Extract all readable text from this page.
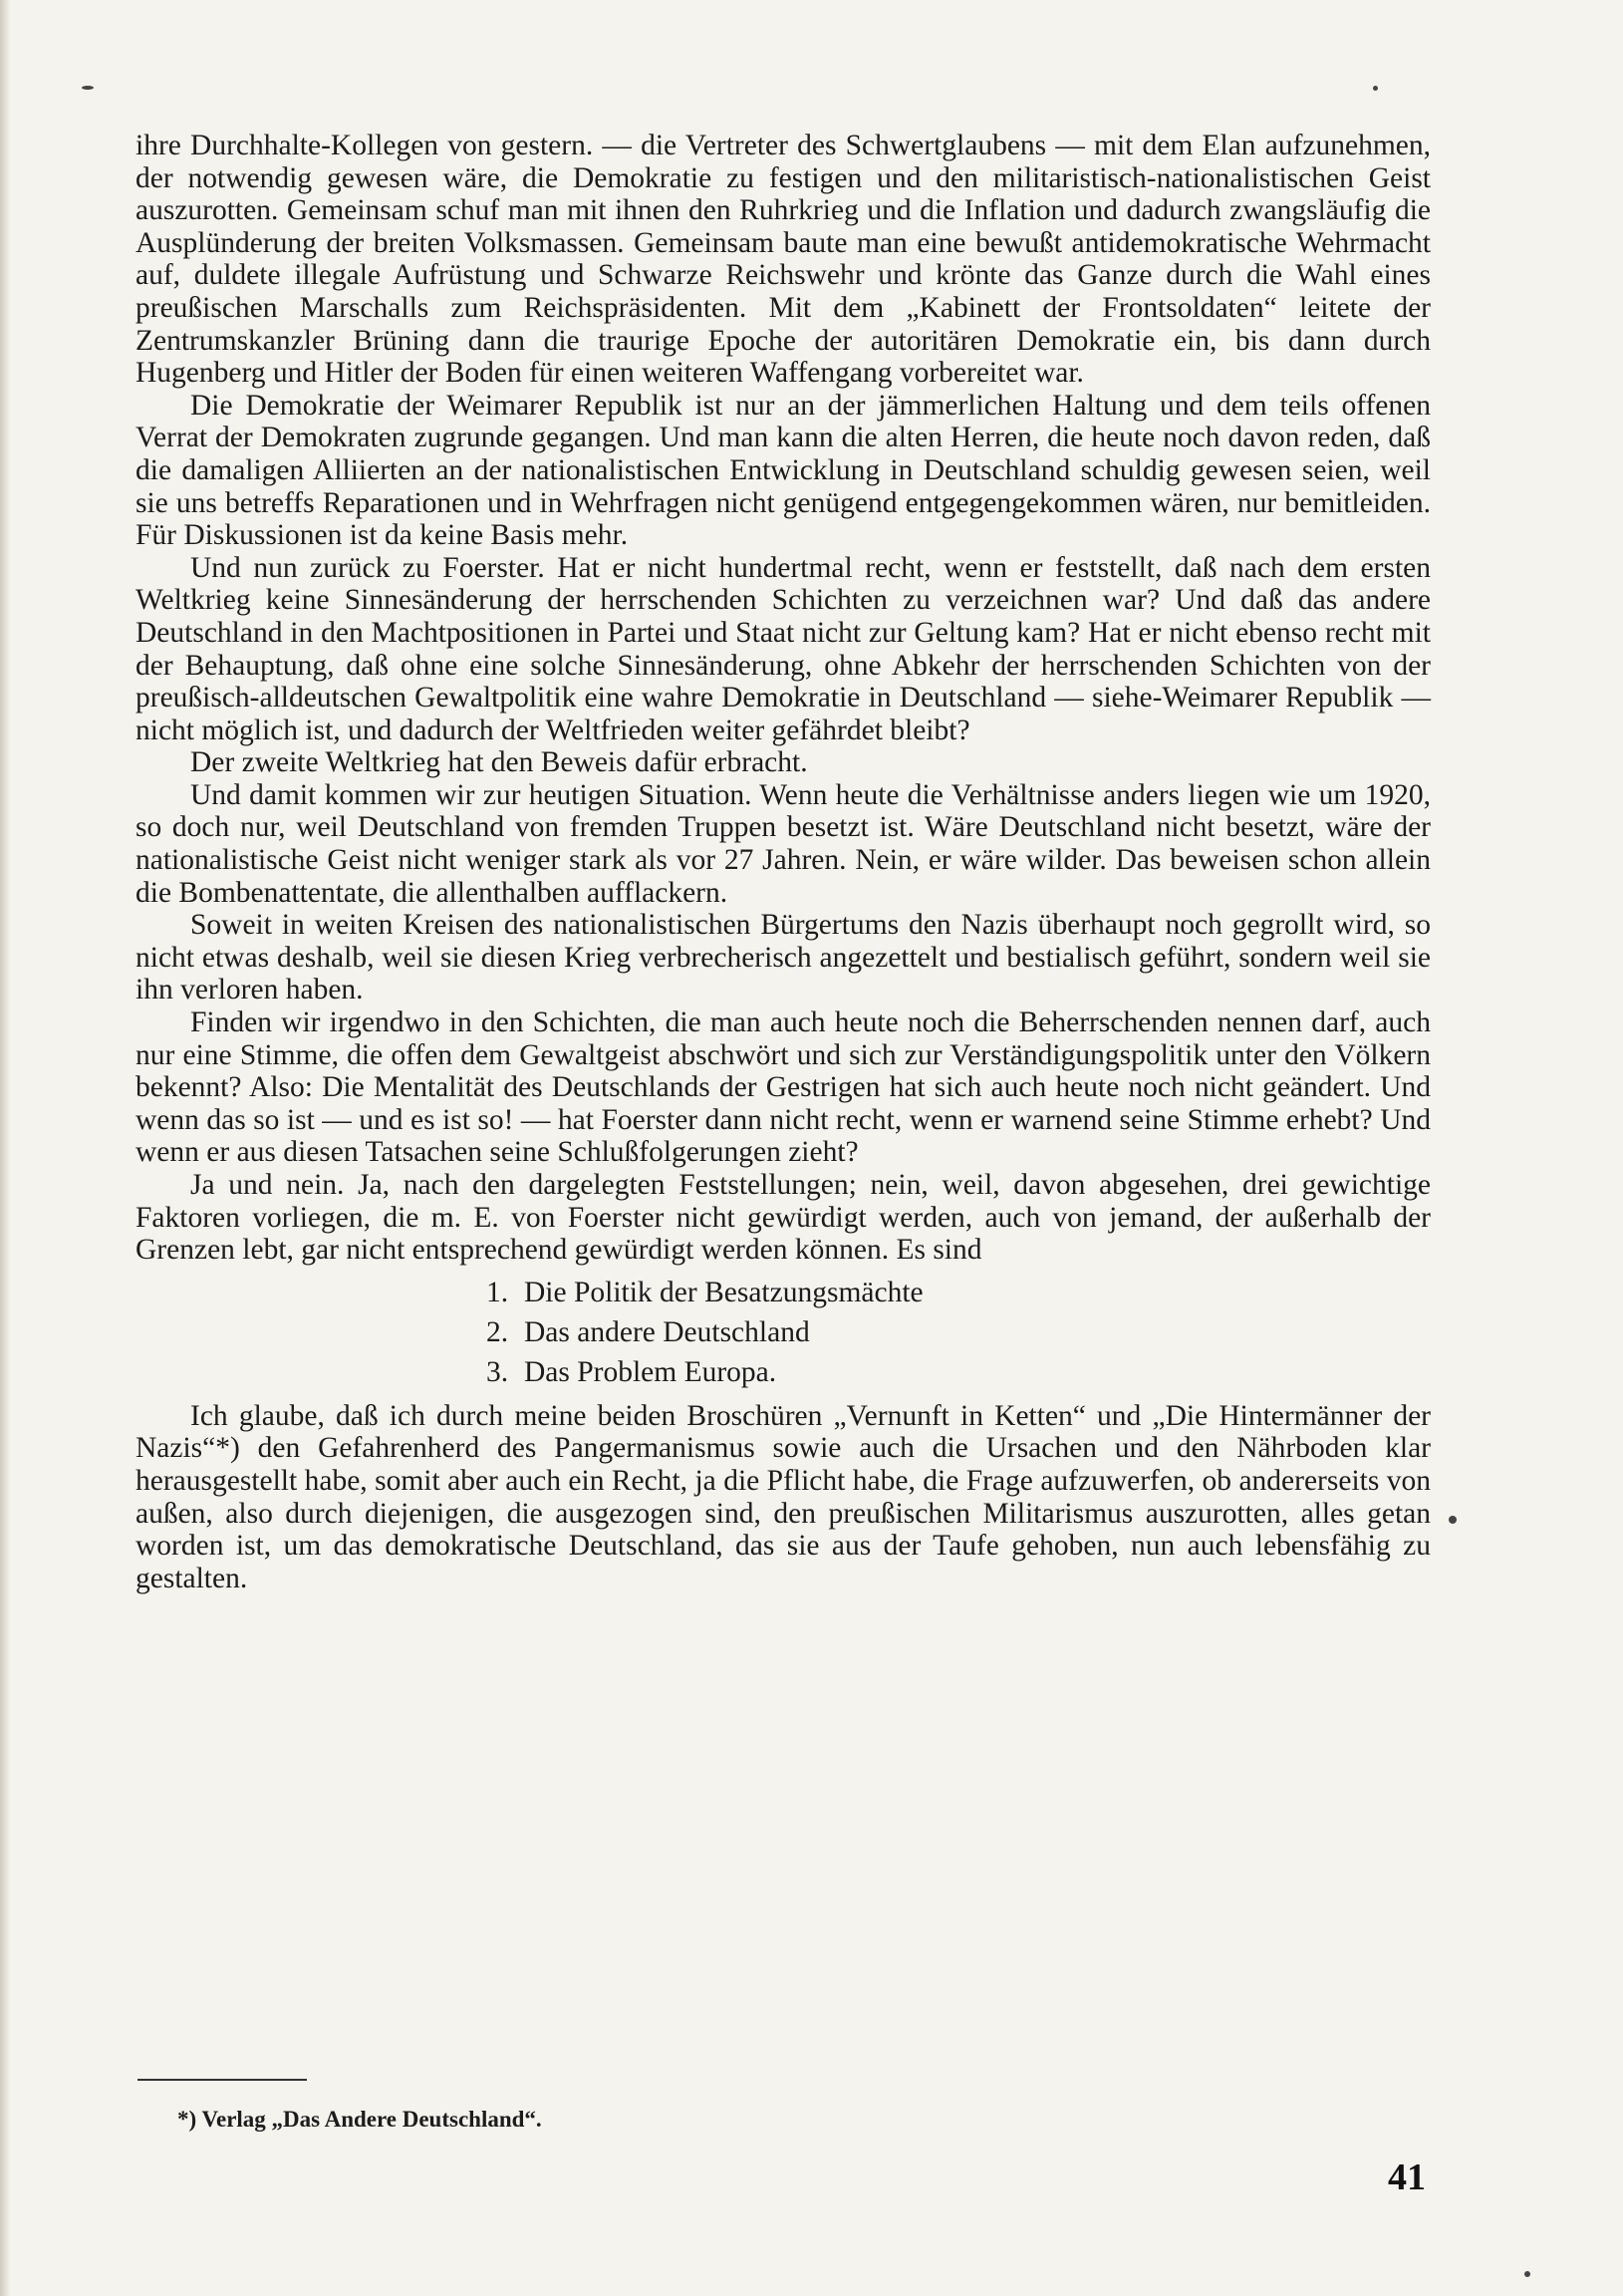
ihre Durchhalte-Kollegen von gestern. — die Vertreter des Schwertglaubens — mit dem Elan aufzunehmen, der notwendig gewesen wäre, die Demokratie zu festigen und den militaristisch-nationalistischen Geist auszurotten. Gemeinsam schuf man mit ihnen den Ruhrkrieg und die Inflation und dadurch zwangsläufig die Ausplünderung der breiten Volksmassen. Gemeinsam baute man eine bewußt antidemokratische Wehrmacht auf, duldete illegale Aufrüstung und Schwarze Reichswehr und krönte das Ganze durch die Wahl eines preußischen Marschalls zum Reichspräsidenten. Mit dem „Kabinett der Frontsoldaten“ leitete der Zentrumskanzler Brüning dann die traurige Epoche der autoritären Demokratie ein, bis dann durch Hugenberg und Hitler der Boden für einen weiteren Waffengang vorbereitet war.

Die Demokratie der Weimarer Republik ist nur an der jämmerlichen Haltung und dem teils offenen Verrat der Demokraten zugrunde gegangen. Und man kann die alten Herren, die heute noch davon reden, daß die damaligen Alliierten an der nationalistischen Entwicklung in Deutschland schuldig gewesen seien, weil sie uns betreffs Reparationen und in Wehrfragen nicht genügend entgegengekommen wären, nur bemitleiden. Für Diskussionen ist da keine Basis mehr.

Und nun zurück zu Foerster. Hat er nicht hundertmal recht, wenn er feststellt, daß nach dem ersten Weltkrieg keine Sinnesänderung der herrschenden Schichten zu verzeichnen war? Und daß das andere Deutschland in den Machtpositionen in Partei und Staat nicht zur Geltung kam? Hat er nicht ebenso recht mit der Behauptung, daß ohne eine solche Sinnesänderung, ohne Abkehr der herrschenden Schichten von der preußisch-alldeutschen Gewaltpolitik eine wahre Demokratie in Deutschland — siehe-Weimarer Republik — nicht möglich ist, und dadurch der Weltfrieden weiter gefährdet bleibt?

Der zweite Weltkrieg hat den Beweis dafür erbracht.

Und damit kommen wir zur heutigen Situation. Wenn heute die Verhältnisse anders liegen wie um 1920, so doch nur, weil Deutschland von fremden Truppen besetzt ist. Wäre Deutschland nicht besetzt, wäre der nationalistische Geist nicht weniger stark als vor 27 Jahren. Nein, er wäre wilder. Das beweisen schon allein die Bombenattentate, die allenthalben aufflackern.

Soweit in weiten Kreisen des nationalistischen Bürgertums den Nazis überhaupt noch gegrollt wird, so nicht etwas deshalb, weil sie diesen Krieg verbrecherisch angezettelt und bestialisch geführt, sondern weil sie ihn verloren haben.

Finden wir irgendwo in den Schichten, die man auch heute noch die Beherrschenden nennen darf, auch nur eine Stimme, die offen dem Gewaltgeist abschwört und sich zur Verständigungspolitik unter den Völkern bekennt? Also: Die Mentalität des Deutschlands der Gestrigen hat sich auch heute noch nicht geändert. Und wenn das so ist — und es ist so! — hat Foerster dann nicht recht, wenn er warnend seine Stimme erhebt? Und wenn er aus diesen Tatsachen seine Schlußfolgerungen zieht?

Ja und nein. Ja, nach den dargelegten Feststellungen; nein, weil, davon abgesehen, drei gewichtige Faktoren vorliegen, die m. E. von Foerster nicht gewürdigt werden, auch von jemand, der außerhalb der Grenzen lebt, gar nicht entsprechend gewürdigt werden können. Es sind

1. Die Politik der Besatzungsmächte
2. Das andere Deutschland
3. Das Problem Europa.

Ich glaube, daß ich durch meine beiden Broschüren „Vernunft in Ketten“ und „Die Hintermänner der Nazis“*) den Gefahrenherd des Pangermanismus sowie auch die Ursachen und den Nährboden klar herausgestellt habe, somit aber auch ein Recht, ja die Pflicht habe, die Frage aufzuwerfen, ob andererseits von außen, also durch diejenigen, die ausgezogen sind, den preußischen Militarismus auszurotten, alles getan worden ist, um das demokratische Deutschland, das sie aus der Taufe gehoben, nun auch lebensfähig zu gestalten.

*) Verlag „Das Andere Deutschland“.
41
